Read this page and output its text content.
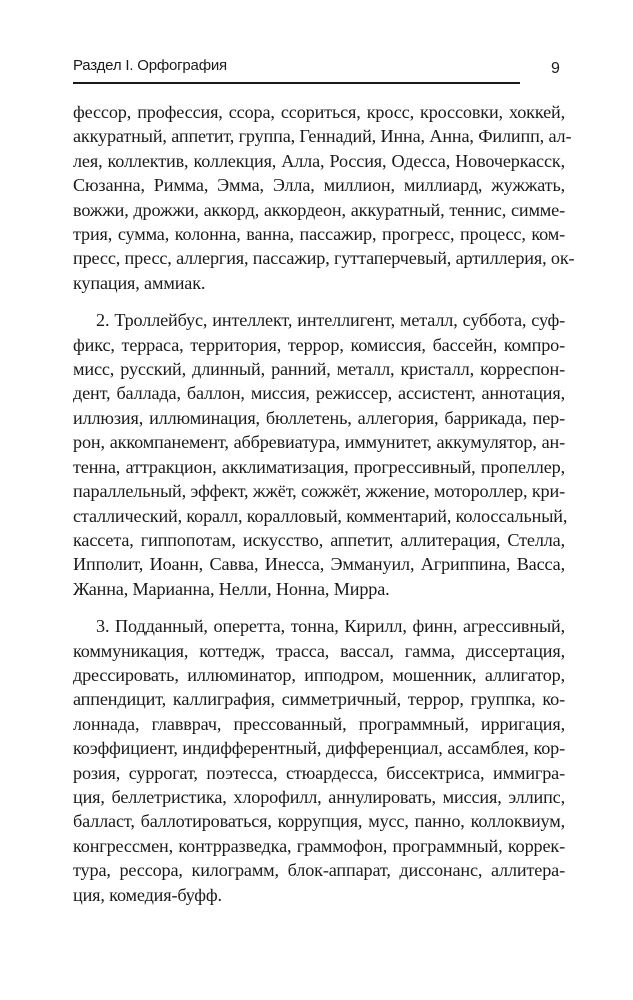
Раздел I. Орфография	9

фессор, профессия, ссора, ссориться, кросс, кроссовки, хоккей,
аккуратный, аппетит, группа, Геннадий, Инна, Анна, Филипп, ал-
лея, коллектив, коллекция, Алла, Россия, Одесса, Новочеркасск,
Сюзанна, Римма, Эмма, Элла, миллион, миллиард, жужжать,
вожжи, дрожжи, аккорд, аккордеон, аккуратный, теннис, симме-
трия, сумма, колонна, ванна, пассажир, прогресс, процесс, ком-
пресс, пресс, аллергия, пассажир, гуттаперчевый, артиллерия, ок-
купация, аммиак.

2. Троллейбус, интеллект, интеллигент, металл, суббота, суф-
фикс, терраса, территория, террор, комиссия, бассейн, компро-
мисс, русский, длинный, ранний, металл, кристалл, корреспон-
дент, баллада, баллон, миссия, режиссер, ассистент, аннотация,
иллюзия, иллюминация, бюллетень, аллегория, баррикада, пер-
рон, аккомпанемент, аббревиатура, иммунитет, аккумулятор, ан-
тенна, аттракцион, акклиматизация, прогрессивный, пропеллер,
параллельный, эффект, жжёт, сожжёт, жжение, мотороллер, кри-
сталлический, коралл, коралловый, комментарий, колоссальный,
кассета, гиппопотам, искусство, аппетит, аллитерация, Стелла,
Ипполит, Иоанн, Савва, Инесса, Эммануил, Агриппина, Васса,
Жанна, Марианна, Нелли, Нонна, Мирра.

3. Подданный, оперетта, тонна, Кирилл, финн, агрессивный,
коммуникация, коттедж, трасса, вассал, гамма, диссертация,
дрессировать, иллюминатор, ипподром, мошенник, аллигатор,
аппендицит, каллиграфия, симметричный, террор, группка, ко-
лоннада, главврач, прессованный, программный, ирригация,
коэффициент, индифферентный, дифференциал, ассамблея, кор-
розия, суррогат, поэтесса, стюардесса, биссектриса, иммигра-
ция, беллетристика, хлорофилл, аннулировать, миссия, эллипс,
балласт, баллотироваться, коррупция, мусс, панно, коллоквиум,
конгрессмен, контрразведка, граммофон, программный, коррек-
тура, рессора, килограмм, блок-аппарат, диссонанс, аллитера-
ция, комедия-буфф.
